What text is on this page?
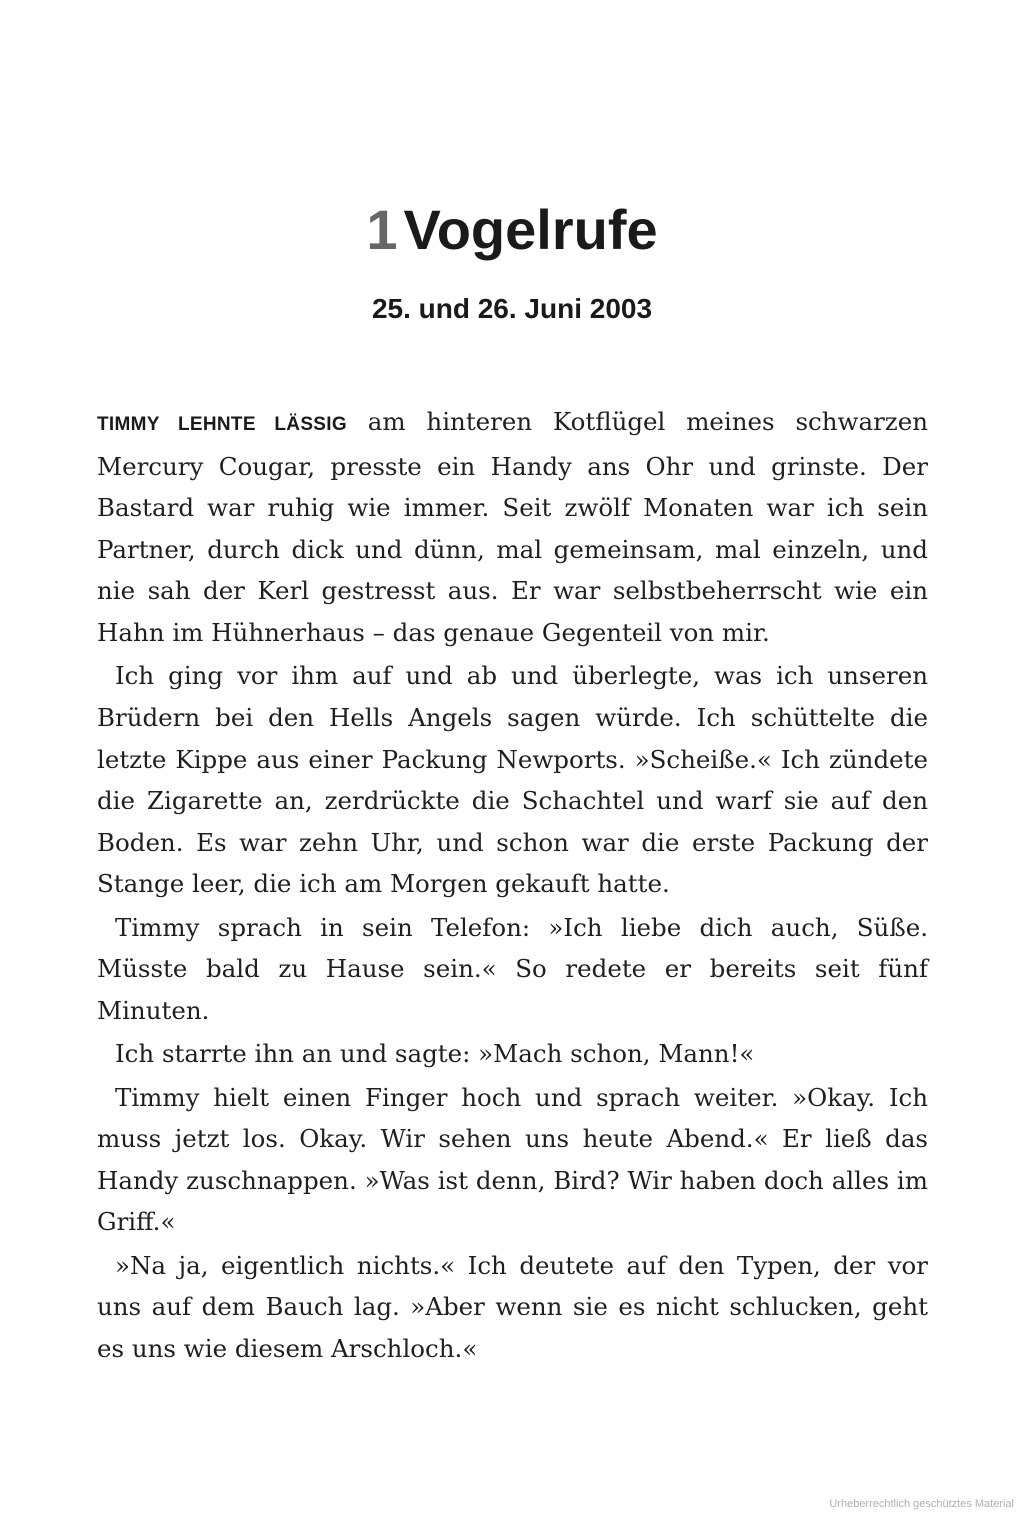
1 Vogelrufe
25. und 26. Juni 2003

TIMMY LEHNTE LÄSSIG am hinteren Kotflügel meines schwarzen Mercury Cougar, presste ein Handy ans Ohr und grinste. Der Bastard war ruhig wie immer. Seit zwölf Monaten war ich sein Partner, durch dick und dünn, mal gemeinsam, mal einzeln, und nie sah der Kerl gestresst aus. Er war selbstbeherrscht wie ein Hahn im Hühnerhaus – das genaue Gegenteil von mir.

Ich ging vor ihm auf und ab und überlegte, was ich unseren Brüdern bei den Hells Angels sagen würde. Ich schüttelte die letzte Kippe aus einer Packung Newports. »Scheiße.« Ich zündete die Zigarette an, zerdrückte die Schachtel und warf sie auf den Boden. Es war zehn Uhr, und schon war die erste Packung der Stange leer, die ich am Morgen gekauft hatte.

Timmy sprach in sein Telefon: »Ich liebe dich auch, Süße. Müsste bald zu Hause sein.« So redete er bereits seit fünf Minuten.

Ich starrte ihn an und sagte: »Mach schon, Mann!«

Timmy hielt einen Finger hoch und sprach weiter. »Okay. Ich muss jetzt los. Okay. Wir sehen uns heute Abend.« Er ließ das Handy zuschnappen. »Was ist denn, Bird? Wir haben doch alles im Griff.«

»Na ja, eigentlich nichts.« Ich deutete auf den Typen, der vor uns auf dem Bauch lag. »Aber wenn sie es nicht schlucken, geht es uns wie diesem Arschloch.«

Urheberrechtlich geschütztes Material
